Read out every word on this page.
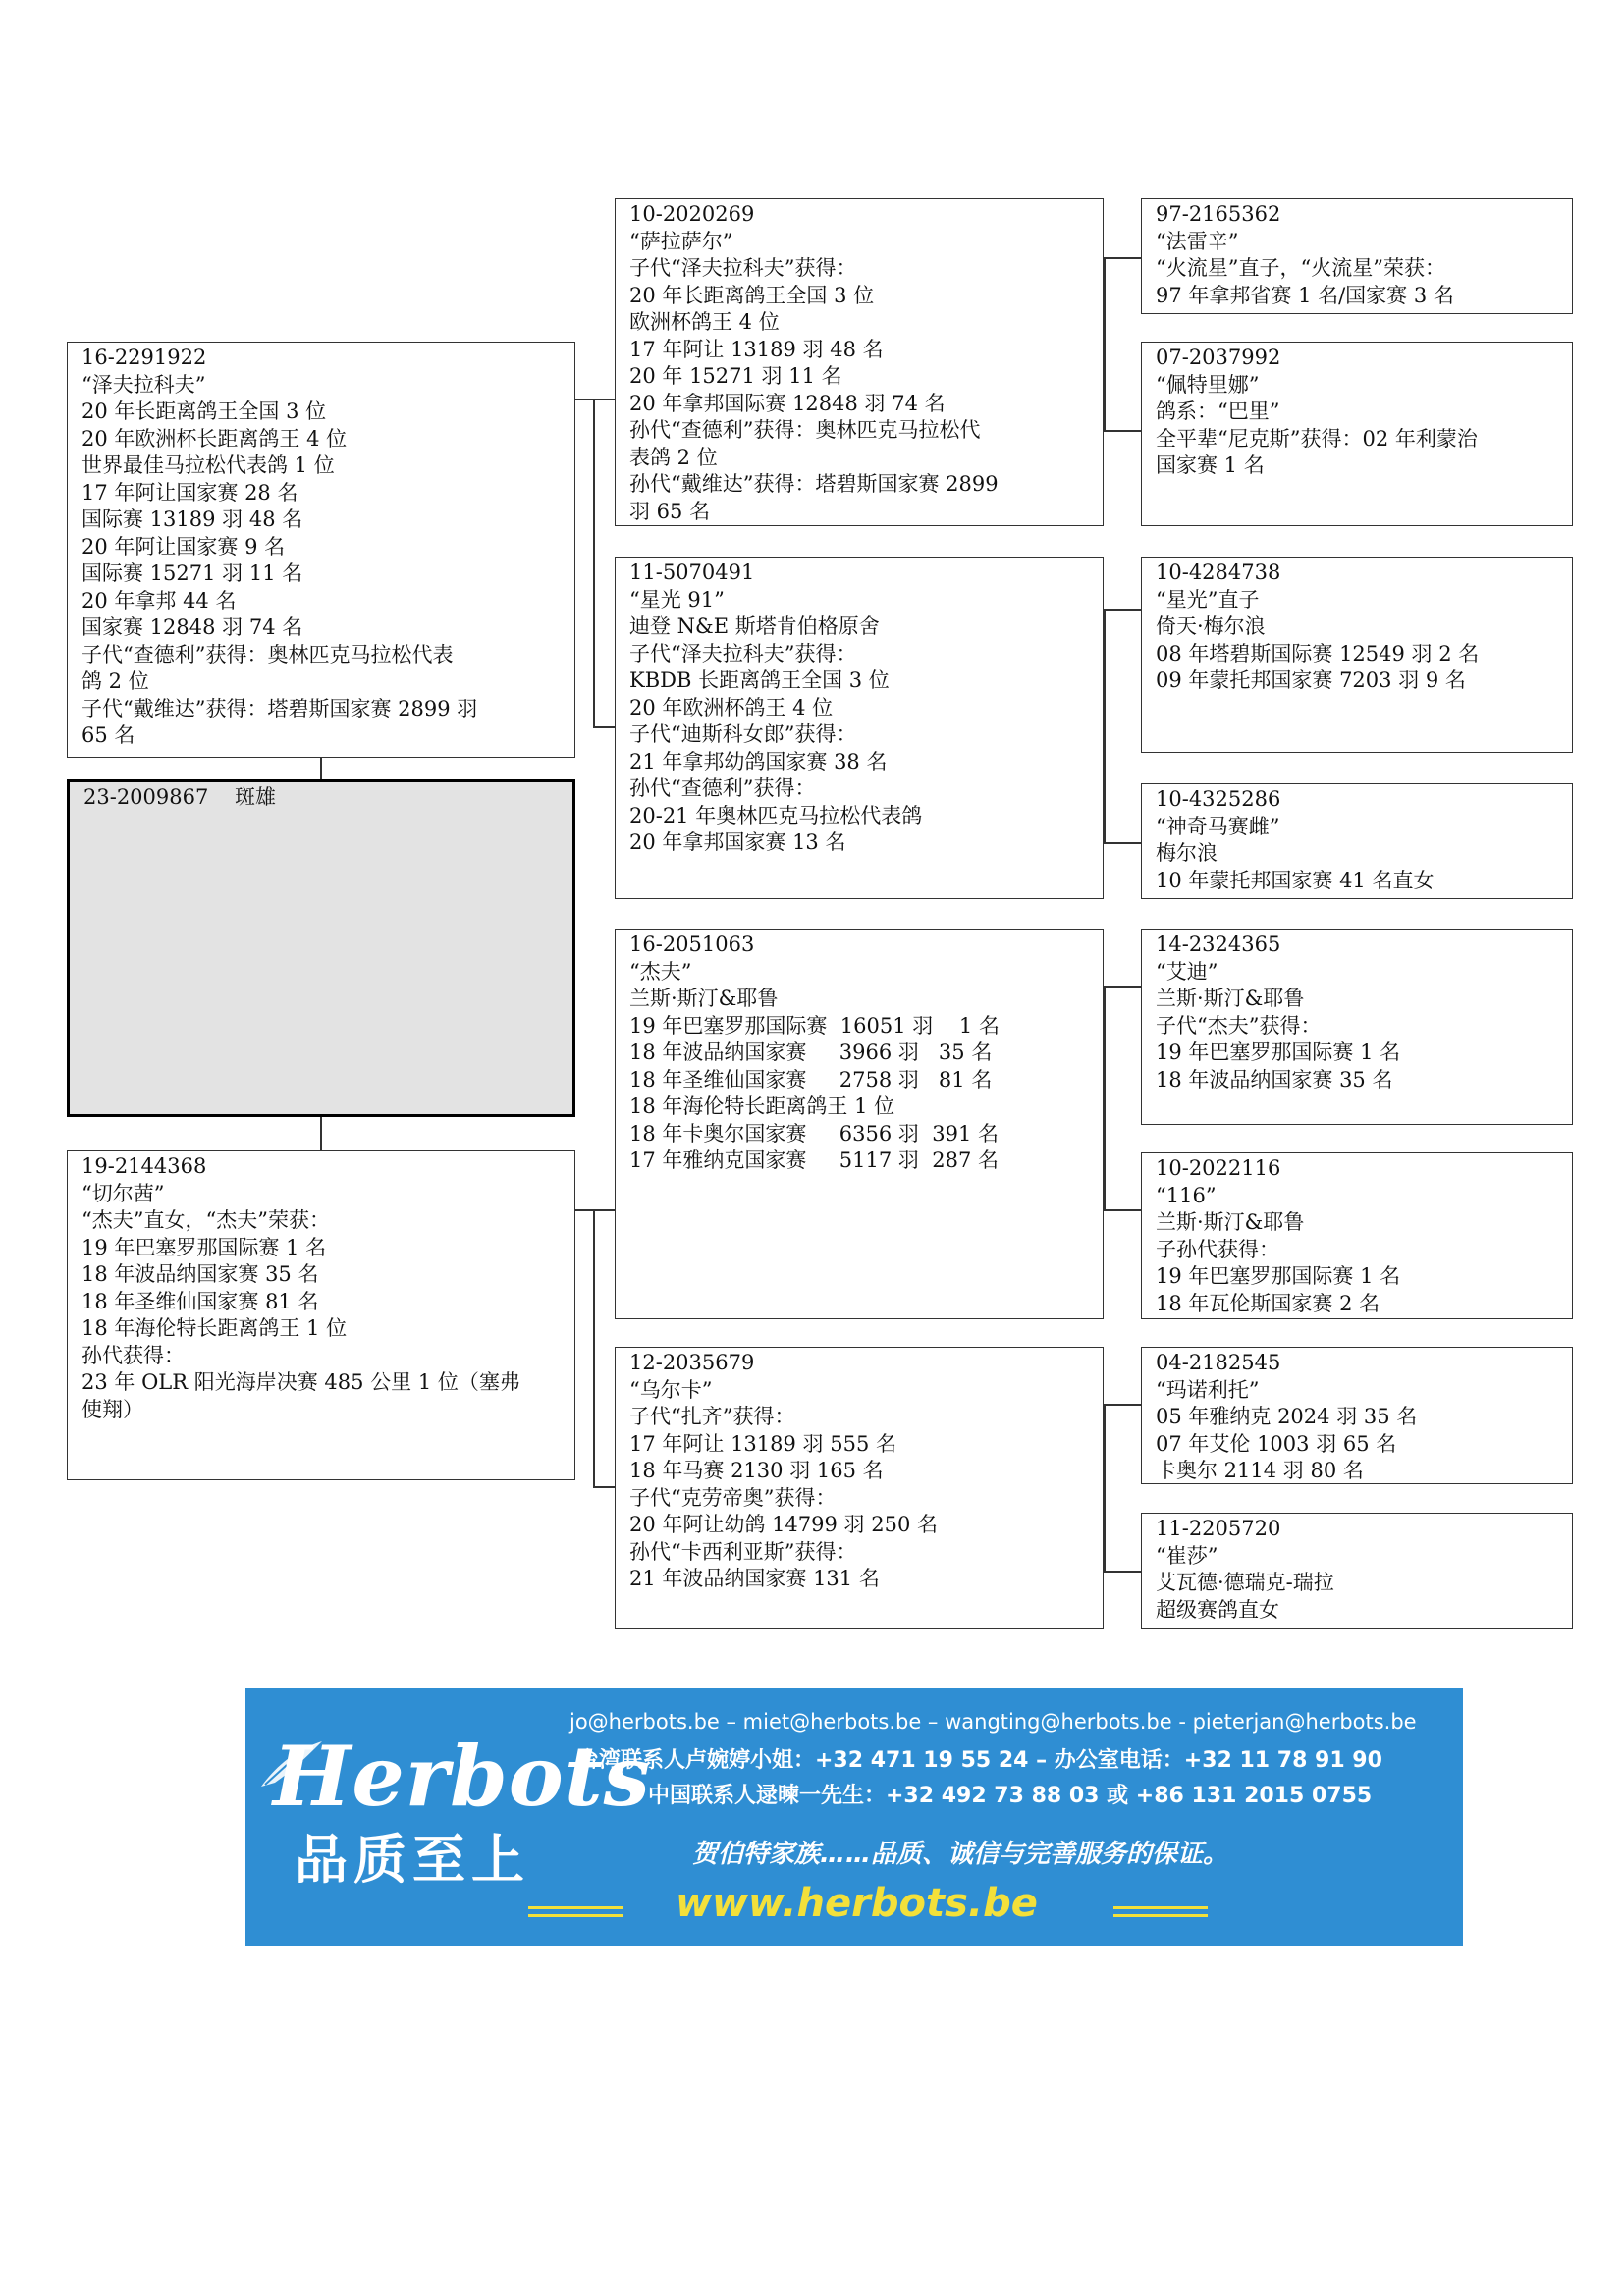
97-2165362
“法雷辛”
“火流星”直子，“火流星”荣获：
97 年拿邦省赛 1 名/国家赛 3 名
07-2037992
“佩特里娜”
鸽系：“巴里”
全平辈“尼克斯”获得：02 年利蒙治
国家赛 1 名
10-4284738
“星光”直子
倚天·梅尔浪
08 年塔碧斯国际赛 12549 羽 2 名
09 年蒙托邦国家赛 7203 羽 9 名
10-4325286
“神奇马赛雌”
梅尔浪
10 年蒙托邦国家赛 41 名直女
14-2324365
“艾迪”
兰斯·斯汀&耶鲁
子代“杰夫”获得：
19 年巴塞罗那国际赛 1 名
18 年波品纳国家赛 35 名
10-2022116
“116”
兰斯·斯汀&耶鲁
子孙代获得：
19 年巴塞罗那国际赛 1 名
18 年瓦伦斯国家赛 2 名
04-2182545
“玛诺利托”
05 年雅纳克 2024 羽 35 名
07 年艾伦 1003 羽 65 名
卡奥尔 2114 羽 80 名
11-2205720
“崔莎”
艾瓦德·德瑞克-瑞拉
超级赛鸽直女
10-2020269
“萨拉萨尔”
子代“泽夫拉科夫”获得：
20 年长距离鸽王全国 3 位
欧洲杯鸽王 4 位
17 年阿让 13189 羽 48 名
20 年 15271 羽 11 名
20 年拿邦国际赛 12848 羽 74 名
孙代“查德利”获得：奥林匹克马拉松代
表鸽 2 位
孙代“戴维达”获得：塔碧斯国家赛 2899
羽 65 名
11-5070491
“星光 91”
迪登 N&E 斯塔肯伯格原舍
子代“泽夫拉科夫”获得：
KBDB 长距离鸽王全国 3 位
20 年欧洲杯鸽王 4 位
子代“迪斯科女郎”获得：
21 年拿邦幼鸽国家赛 38 名
孙代“查德利”获得：
20-21 年奥林匹克马拉松代表鸽
20 年拿邦国家赛 13 名
16-2051063
“杰夫”
兰斯·斯汀&耶鲁
19 年巴塞罗那国际赛  16051 羽    1 名
18 年波品纳国家赛     3966 羽   35 名
18 年圣维仙国家赛     2758 羽   81 名
18 年海伦特长距离鸽王 1 位
18 年卡奥尔国家赛     6356 羽  391 名
17 年雅纳克国家赛     5117 羽  287 名
12-2035679
“乌尔卡”
子代“扎齐”获得：
17 年阿让 13189 羽 555 名
18 年马赛 2130 羽 165 名
子代“克劳帝奥”获得：
20 年阿让幼鸽 14799 羽 250 名
孙代“卡西利亚斯”获得：
21 年波品纳国家赛 131 名
16-2291922
“泽夫拉科夫”
20 年长距离鸽王全国 3 位
20 年欧洲杯长距离鸽王 4 位
世界最佳马拉松代表鸽 1 位
17 年阿让国家赛 28 名
国际赛 13189 羽 48 名
20 年阿让国家赛 9 名
国际赛 15271 羽 11 名
20 年拿邦 44 名
国家赛 12848 羽 74 名
子代“查德利”获得：奥林匹克马拉松代表
鸽 2 位
子代“戴维达”获得：塔碧斯国家赛 2899 羽
65 名
23-2009867    斑雄
19-2144368
“切尔茜”
“杰夫”直女，“杰夫”荣获：
19 年巴塞罗那国际赛 1 名
18 年波品纳国家赛 35 名
18 年圣维仙国家赛 81 名
18 年海伦特长距离鸽王 1 位
孙代获得：
23 年 OLR 阳光海岸决赛 485 公里 1 位（塞弗
使翔）
Herbots
品质至上
jo@herbots.be – miet@herbots.be – wangting@herbots.be - pieterjan@herbots.be
台湾联系人卢婉婷小姐：+32 471 19 55 24 – 办公室电话：+32 11 78 91 90
中国联系人逯暕一先生：+32 492 73 88 03 或 +86 131 2015 0755
贺伯特家族……品质、诚信与完善服务的保证。
www.herbots.be
